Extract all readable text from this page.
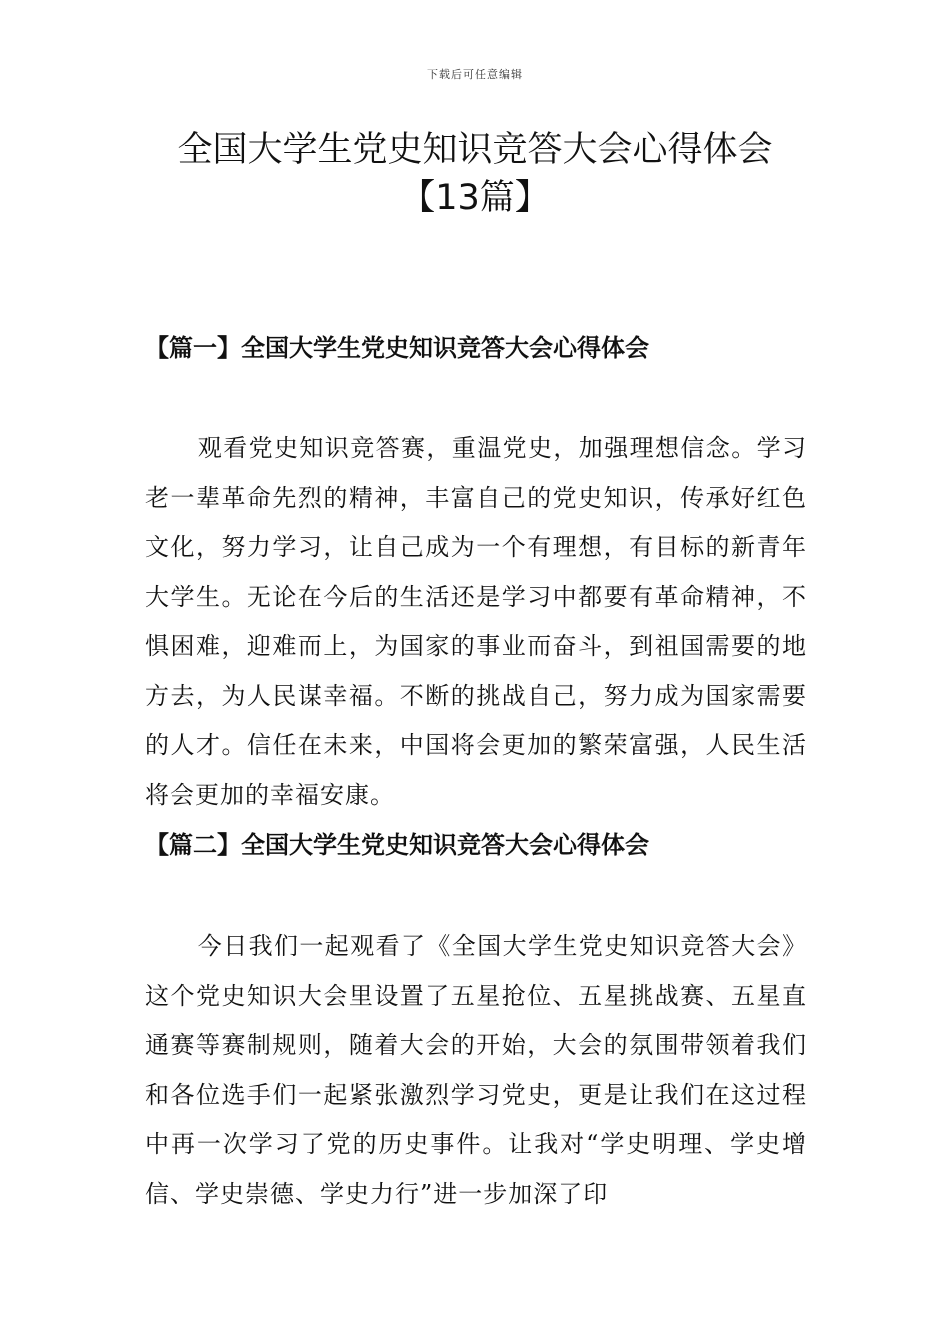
下载后可任意编辑
全国大学生党史知识竞答大会心得体会
【13篇】
【篇一】全国大学生党史知识竞答大会心得体会

观看党史知识竞答赛，重温党史，加强理想信念。学习老一辈革命先烈的精神，丰富自己的党史知识，传承好红色文化，努力学习，让自己成为一个有理想，有目标的新青年大学生。无论在今后的生活还是学习中都要有革命精神，不惧困难，迎难而上，为国家的事业而奋斗，到祖国需要的地方去，为人民谋幸福。不断的挑战自己，努力成为国家需要的人才。信任在未来，中国将会更加的繁荣富强，人民生活将会更加的幸福安康。

【篇二】全国大学生党史知识竞答大会心得体会

今日我们一起观看了《全国大学生党史知识竞答大会》这个党史知识大会里设置了五星抢位、五星挑战赛、五星直通赛等赛制规则，随着大会的开始，大会的氛围带领着我们和各位选手们一起紧张激烈学习党史，更是让我们在这过程中再一次学习了党的历史事件。让我对“学史明理、学史增信、学史崇德、学史力行”进一步加深了印
